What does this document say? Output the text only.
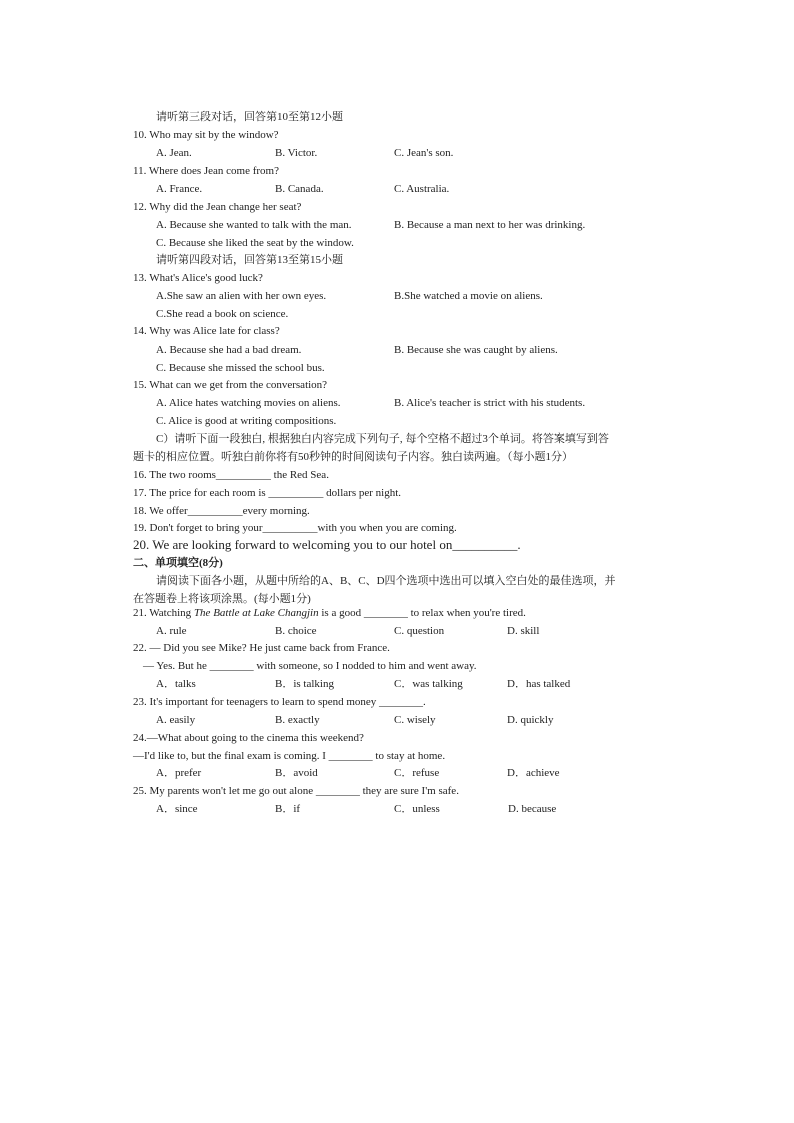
请听第三段对话，回答第10至第12小题
10. Who may sit by the window?
A. Jean.	B. Victor.	C. Jean's son.
11. Where does Jean come from?
A. France.	B. Canada.	C. Australia.
12. Why did the Jean change her seat?
A. Because she wanted to talk with the man.	B. Because a man next to her was drinking.
C. Because she liked the seat by the window.
请听第四段对话，回答第13至第15小题
13. What's Alice's good luck?
A.She saw an alien with her own eyes.	B.She watched a movie on aliens.
C.She read a book on science.
14. Why was Alice late for class?
A. Because she had a bad dream.	B. Because she was caught by aliens.
C. Because she missed the school bus.
15. What can we get from the conversation?
A. Alice hates watching movies on aliens.	B. Alice's teacher is strict with his students.
C. Alice is good at writing compositions.
C）请听下面一段独白, 根据独白内容完成下列句子, 每个空格不超过3个单词。将答案填写到答
题卡的相应位置。听独白前你将有50秒钟的时间阅读句子内容。独白读两遍。（每小题1分）
16. The two rooms__________ the Red Sea.
17. The price for each room is __________ dollars per night.
18. We offer__________every morning.
19. Don't forget to bring your__________with you when you are coming.
20. We are looking forward to welcoming you to our hotel on__________.
二、单项填空(8分)
请阅读下面各小题，从题中所给的A、B、C、D四个选项中选出可以填入空白处的最佳选项，并
在答题卷上将该项涂黑。(每小题1分)
21. Watching The Battle at Lake Changjin is a good ________ to relax when you're tired.
A. rule	B. choice	C. question	D. skill
22. — Did you see Mike? He just came back from France.
— Yes. But he ________ with someone, so I nodded to him and went away.
A．talks	B．is talking	C．was talking	D．has talked
23. It's important for teenagers to learn to spend money ________.
A. easily	B. exactly	C. wisely	D. quickly
24.—What about going to the cinema this weekend?
—I'd like to, but the final exam is coming. I ________ to stay at home.
A．prefer	B．avoid	C．refuse	D．achieve
25. My parents won't let me go out alone ________ they are sure I'm safe.
A．since	B．if	C．unless	D. because
